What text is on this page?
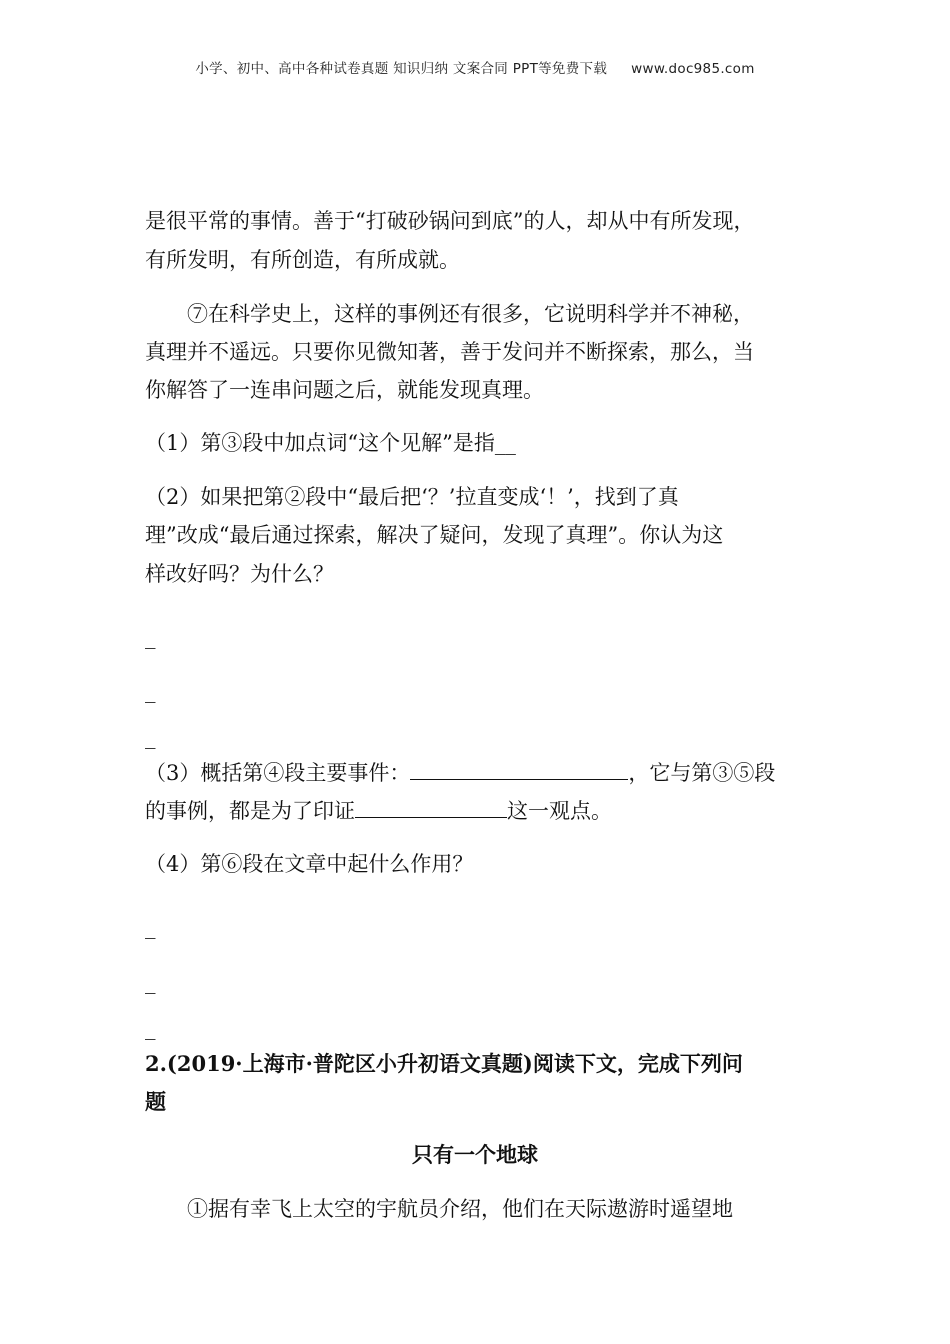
小学、初中、高中各种试卷真题 知识归纳 文案合同 PPT等免费下载 www.doc985.com
是很平常的事情。善于“打破砂锅问到底”的人，却从中有所发现，
有所发明，有所创造，有所成就。
⑦在科学史上，这样的事例还有很多，它说明科学并不神秘，
真理并不遥远。只要你见微知著，善于发问并不断探索，那么，当
你解答了一连串问题之后，就能发现真理。
（1）第③段中加点词“这个见解”是指__
（2）如果把第②段中“最后把‘？’拉直变成‘！’，找到了真
理”改成“最后通过探索，解决了疑问，发现了真理”。你认为这
样改好吗？为什么？
_
_
_
（3）概括第④段主要事件：	，它与第③⑤段
的事例，都是为了印证	这一观点。
（4）第⑥段在文章中起什么作用？
_
_
_
2.(2019·上海市·普陀区小升初语文真题)阅读下文，完成下列问
题
只有一个地球
①据有幸飞上太空的宇航员介绍，他们在天际遨游时遥望地
